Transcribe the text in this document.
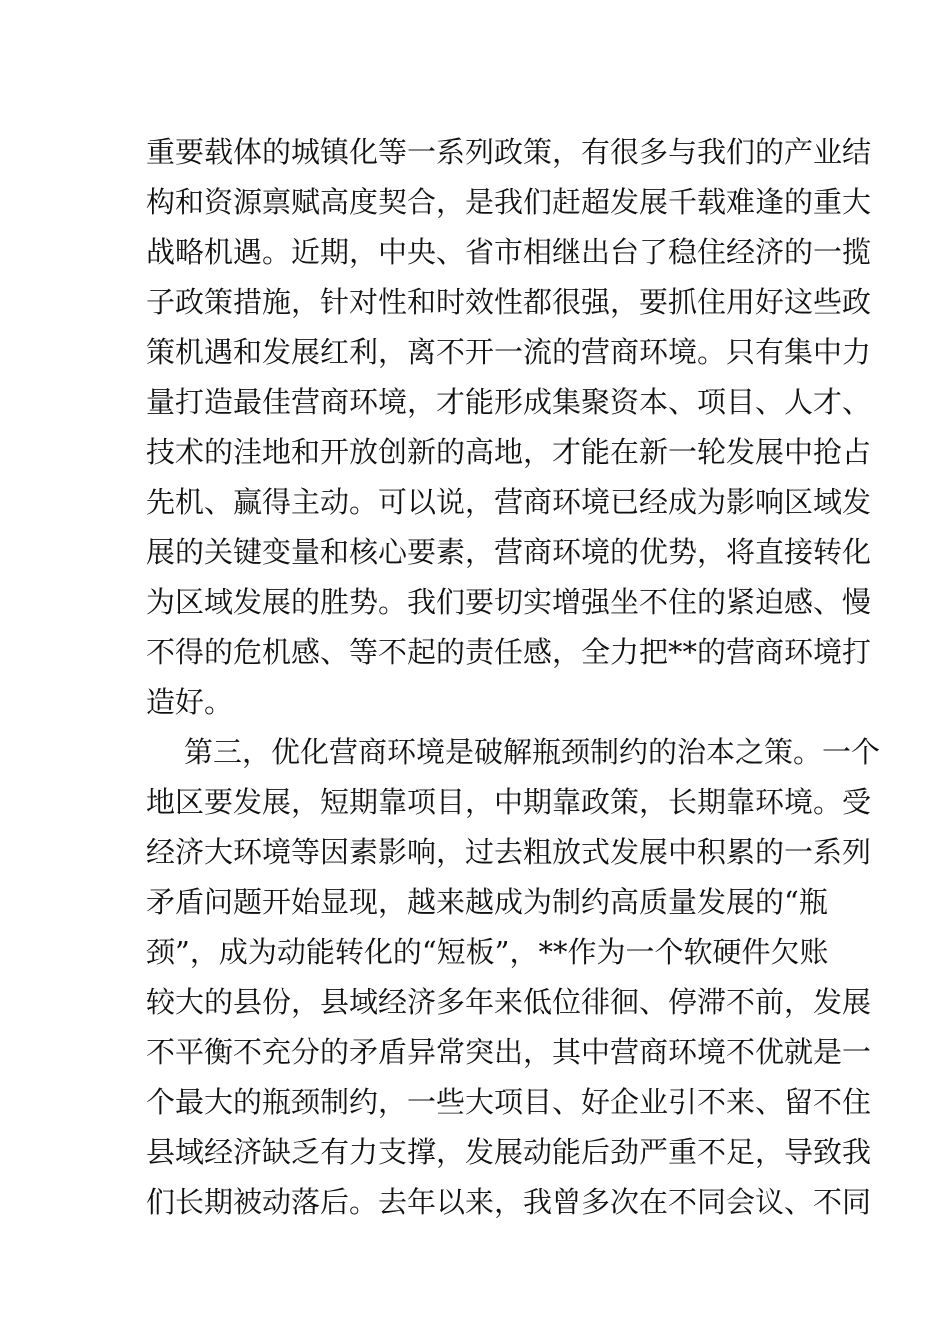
重要载体的城镇化等一系列政策，有很多与我们的产业结
构和资源禀赋高度契合，是我们赶超发展千载难逢的重大
战略机遇。近期，中央、省市相继出台了稳住经济的一揽
子政策措施，针对性和时效性都很强，要抓住用好这些政
策机遇和发展红利，离不开一流的营商环境。只有集中力
量打造最佳营商环境，才能形成集聚资本、项目、人才、
技术的洼地和开放创新的高地，才能在新一轮发展中抢占
先机、赢得主动。可以说，营商环境已经成为影响区域发
展的关键变量和核心要素，营商环境的优势，将直接转化
为区域发展的胜势。我们要切实增强坐不住的紧迫感、慢
不得的危机感、等不起的责任感，全力把**的营商环境打
造好。
第三，优化营商环境是破解瓶颈制约的治本之策。一个
地区要发展，短期靠项目，中期靠政策，长期靠环境。受
经济大环境等因素影响，过去粗放式发展中积累的一系列
矛盾问题开始显现，越来越成为制约高质量发展的“瓶
颈”，成为动能转化的“短板”，**作为一个软硬件欠账
较大的县份，县域经济多年来低位徘徊、停滞不前，发展
不平衡不充分的矛盾异常突出，其中营商环境不优就是一
个最大的瓶颈制约，一些大项目、好企业引不来、留不住
县域经济缺乏有力支撑，发展动能后劲严重不足，导致我
们长期被动落后。去年以来，我曾多次在不同会议、不同
